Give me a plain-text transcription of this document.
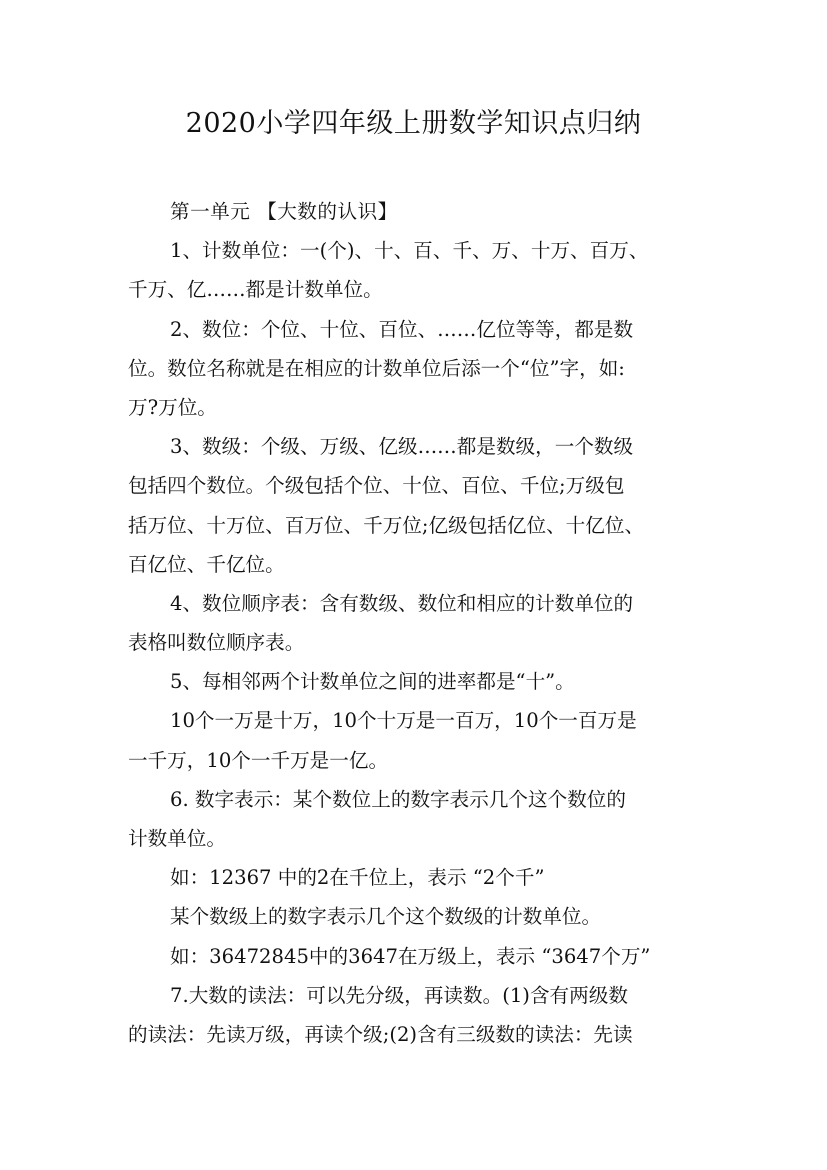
2020小学四年级上册数学知识点归纳
第一单元 【大数的认识】
1、计数单位：一(个)、十、百、千、万、十万、百万、
千万、亿……都是计数单位。
2、数位：个位、十位、百位、……亿位等等，都是数
位。数位名称就是在相应的计数单位后添一个“位”字，如:
万?万位。
3、数级：个级、万级、亿级……都是数级，一个数级
包括四个数位。个级包括个位、十位、百位、千位;万级包
括万位、十万位、百万位、千万位;亿级包括亿位、十亿位、
百亿位、千亿位。
4、数位顺序表：含有数级、数位和相应的计数单位的
表格叫数位顺序表。
5、每相邻两个计数单位之间的进率都是“十”。
10个一万是十万，10个十万是一百万，10个一百万是
一千万，10个一千万是一亿。
6. 数字表示：某个数位上的数字表示几个这个数位的
计数单位。
如：12367 中的2在千位上，表示 “2个千”
某个数级上的数字表示几个这个数级的计数单位。
如：36472845中的3647在万级上，表示 “3647个万”
7.大数的读法：可以先分级，再读数。(1)含有两级数
的读法：先读万级，再读个级;(2)含有三级数的读法：先读
